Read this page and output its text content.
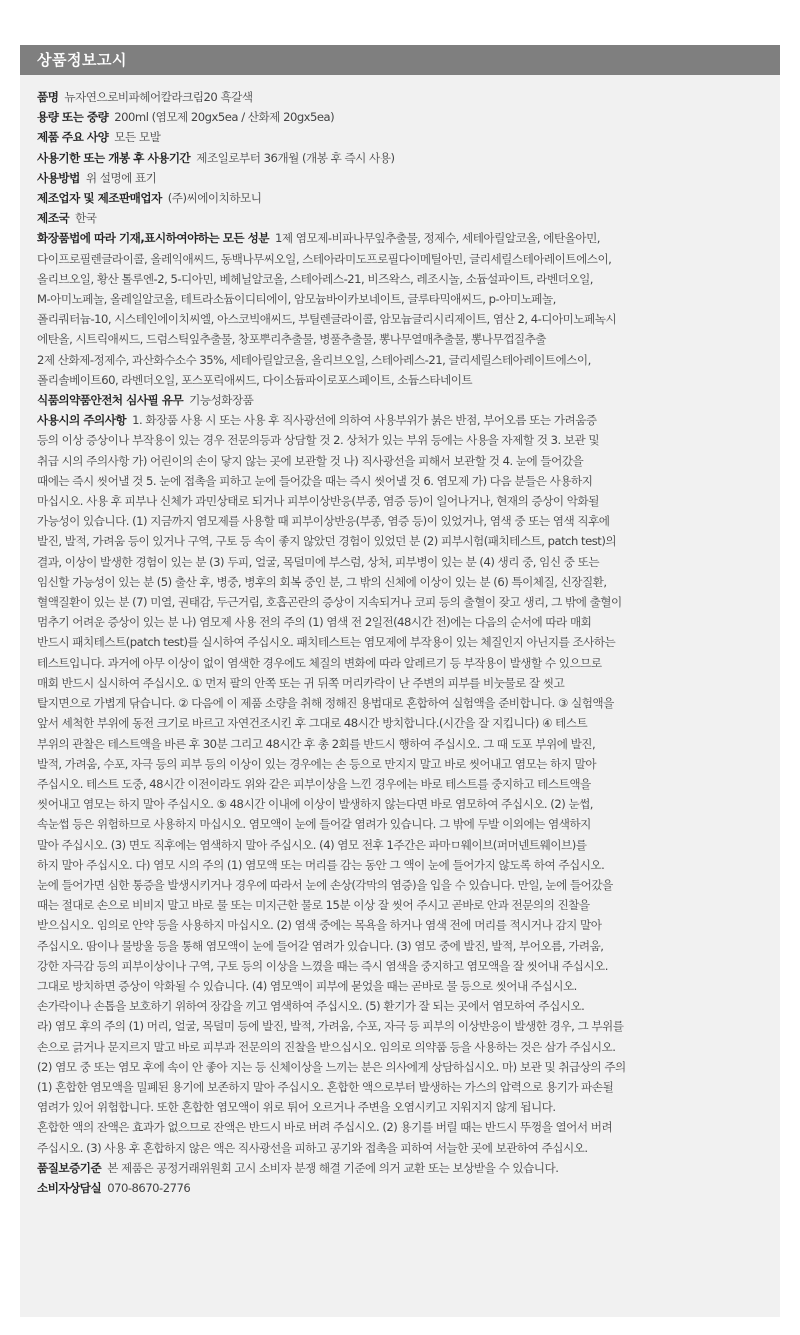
상품정보고시

품명 뉴자연으로비파헤어칼라크림20 흑갈색

용량 또는 중량 200ml (염모제 20gx5ea / 산화제 20gx5ea)

제품 주요 사양 모든 모발

사용기한 또는 개봉 후 사용기간 제조일로부터 36개월 (개봉 후 즉시 사용)

사용방법 위 설명에 표기

제조업자 및 제조판매업자 (주)씨에이치하모니

제조국 한국

화장품법에 따라 기재,표시하여야하는 모든 성분 1제 염모제-비파나무잎추출물, 정제수, 세테아릴알코올, 에탄올아민,

다이프로필렌글라이콜, 올레익애씨드, 동백나무씨오일, 스테아라미도프로필다이메틸아민, 글리세릴스테아레이트에스이,

올리브오일, 황산 톨루엔-2, 5-디아민, 베헤닐알코올, 스테아레스-21, 비즈왁스, 레조시놀, 소듐설파이트, 라벤더오일,

M-아미노페놀, 올레일알코올, 테트라소듐이디티에이, 암모늄바이카보네이트, 글루타믹애씨드, p-아미노페놀,

폴리쿼터늄-10, 시스테인에이치씨엘, 아스코빅애씨드, 부틸렌글라이콜, 암모늄글리시리제이트, 염산 2, 4-디아미노페녹시

에탄올, 시트릭애씨드, 드럼스틱잎추출물, 창포뿌리추출물, 병풀추출물, 뽕나무열매추출물, 뽕나무껍질추출

2제 산화제-정제수, 과산화수소수 35%, 세테아릴알코올, 올리브오일, 스테아레스-21, 글리세릴스테아레이트에스이,

폴리솔베이트60, 라벤더오일, 포스포릭애씨드, 다이소듐파이로포스페이트, 소듐스타네이트

식품의약품안전처 심사필 유무 기능성화장품

사용시의 주의사항 1. 화장품 사용 시 또는 사용 후 직사광선에 의하여 사용부위가 붉은 반점, 부어오름 또는 가려움증

등의 이상 증상이나 부작용이 있는 경우 전문의등과 상담할 것 2. 상처가 있는 부위 등에는 사용을 자제할 것 3. 보관 및

취급 시의 주의사항 가) 어린이의 손이 닿지 않는 곳에 보관할 것 나) 직사광선을 피해서 보관할 것 4. 눈에 들어갔을

때에는 즉시 씻어낼 것 5. 눈에 접촉을 피하고 눈에 들어갔을 때는 즉시 씻어낼 것 6. 염모제 가) 다음 분들은 사용하지

마십시오. 사용 후 피부나 신체가 과민상태로 되거나 피부이상반응(부종, 염증 등)이 일어나거나, 현재의 증상이 악화될

가능성이 있습니다. (1) 지금까지 염모제를 사용할 때 피부이상반응(부종, 염증 등)이 있었거나, 염색 중 또는 염색 직후에

발진, 발적, 가려움 등이 있거나 구역, 구토 등 속이 좋지 않았던 경험이 있었던 분 (2) 피부시험(패치테스트, patch test)의

결과, 이상이 발생한 경험이 있는 분 (3) 두피, 얼굴, 목덜미에 부스럼, 상처, 피부병이 있는 분 (4) 생리 중, 임신 중 또는

임신할 가능성이 있는 분 (5) 출산 후, 병중, 병후의 회복 중인 분, 그 밖의 신체에 이상이 있는 분 (6) 특이체질, 신장질환,

혈액질환이 있는 분 (7) 미열, 권태감, 두근거림, 호흡곤란의 증상이 지속되거나 코피 등의 출혈이 잦고 생리, 그 밖에 출혈이

멈추기 어려운 증상이 있는 분 나) 염모제 사용 전의 주의 (1) 염색 전 2일전(48시간 전)에는 다음의 순서에 따라 매회

반드시 패치테스트(patch test)를 실시하여 주십시오. 패치테스트는 염모제에 부작용이 있는 체질인지 아닌지를 조사하는

테스트입니다. 과거에 아무 이상이 없이 염색한 경우에도 체질의 변화에 따라 알레르기 등 부작용이 발생할 수 있으므로

매회 반드시 실시하여 주십시오. ① 먼저 팔의 안쪽 또는 귀 뒤쪽 머리카락이 난 주변의 피부를 비눗물로 잘 씻고

탈지면으로 가볍게 닦습니다. ② 다음에 이 제품 소량을 취해 정해진 용법대로 혼합하여 실험액을 준비합니다. ③ 실험액을

앞서 세척한 부위에 동전 크기로 바르고 자연건조시킨 후 그대로 48시간 방치합니다.(시간을 잘 지킵니다) ④ 테스트

부위의 관찰은 테스트액을 바른 후 30분 그리고 48시간 후 총 2회를 반드시 행하여 주십시오. 그 때 도포 부위에 발진,

발적, 가려움, 수포, 자극 등의 피부 등의 이상이 있는 경우에는 손 등으로 만지지 말고 바로 씻어내고 염모는 하지 말아

주십시오. 테스트 도중, 48시간 이전이라도 위와 같은 피부이상을 느낀 경우에는 바로 테스트를 중지하고 테스트액을

씻어내고 염모는 하지 말아 주십시오. ⑤ 48시간 이내에 이상이 발생하지 않는다면 바로 염모하여 주십시오. (2) 눈썹,

속눈썹 등은 위험하므로 사용하지 마십시오. 염모액이 눈에 들어갈 염려가 있습니다. 그 밖에 두발 이외에는 염색하지

말아 주십시오. (3) 면도 직후에는 염색하지 말아 주십시오. (4) 염모 전후 1주간은 파마ㅁ웨이브(퍼머넨트웨이브)를

하지 말아 주십시오. 다) 염모 시의 주의 (1) 염모액 또는 머리를 감는 동안 그 액이 눈에 들어가지 않도록 하여 주십시오.

눈에 들어가면 심한 통증을 발생시키거나 경우에 따라서 눈에 손상(각막의 염증)을 입을 수 있습니다. 만일, 눈에 들어갔을

때는 절대로 손으로 비비지 말고 바로 물 또는 미지근한 물로 15분 이상 잘 씻어 주시고 곧바로 안과 전문의의 진찰을

받으십시오. 임의로 안약 등을 사용하지 마십시오. (2) 염색 중에는 목욕을 하거나 염색 전에 머리를 적시거나 감지 말아

주십시오. 땀이나 물방울 등을 통해 염모액이 눈에 들어갈 염려가 있습니다. (3) 염모 중에 발진, 발적, 부어오름, 가려움,

강한 자극감 등의 피부이상이나 구역, 구토 등의 이상을 느꼈을 때는 즉시 염색을 중지하고 염모액을 잘 씻어내 주십시오.

그대로 방치하면 증상이 악화될 수 있습니다. (4) 염모액이 피부에 묻었을 때는 곧바로 물 등으로 씻어내 주십시오.

손가락이나 손톱을 보호하기 위하여 장갑을 끼고 염색하여 주십시오. (5) 환기가 잘 되는 곳에서 염모하여 주십시오.

라) 염모 후의 주의 (1) 머리, 얼굴, 목덜미 등에 발진, 발적, 가려움, 수포, 자극 등 피부의 이상반응이 발생한 경우, 그 부위를

손으로 긁거나 문지르지 말고 바로 피부과 전문의의 진찰을 받으십시오. 임의로 의약품 등을 사용하는 것은 삼가 주십시오.

(2) 염모 중 또는 염모 후에 속이 안 좋아 지는 등 신체이상을 느끼는 분은 의사에게 상담하십시오. 마) 보관 및 취급상의 주의

(1) 혼합한 염모액을 밀폐된 용기에 보존하지 말아 주십시오. 혼합한 액으로부터 발생하는 가스의 압력으로 용기가 파손될

염려가 있어 위험합니다. 또한 혼합한 염모액이 위로 튀어 오르거나 주변을 오염시키고 지워지지 않게 됩니다.

혼합한 액의 잔액은 효과가 없으므로 잔액은 반드시 바로 버려 주십시오. (2) 용기를 버릴 때는 반드시 뚜껑을 열어서 버려

주십시오. (3) 사용 후 혼합하지 않은 액은 직사광선을 피하고 공기와 접촉을 피하여 서늘한 곳에 보관하여 주십시오.

품질보증기준 본 제품은 공정거래위원회 고시 소비자 분쟁 해결 기준에 의거 교환 또는 보상받을 수 있습니다.

소비자상담실 070-8670-2776
